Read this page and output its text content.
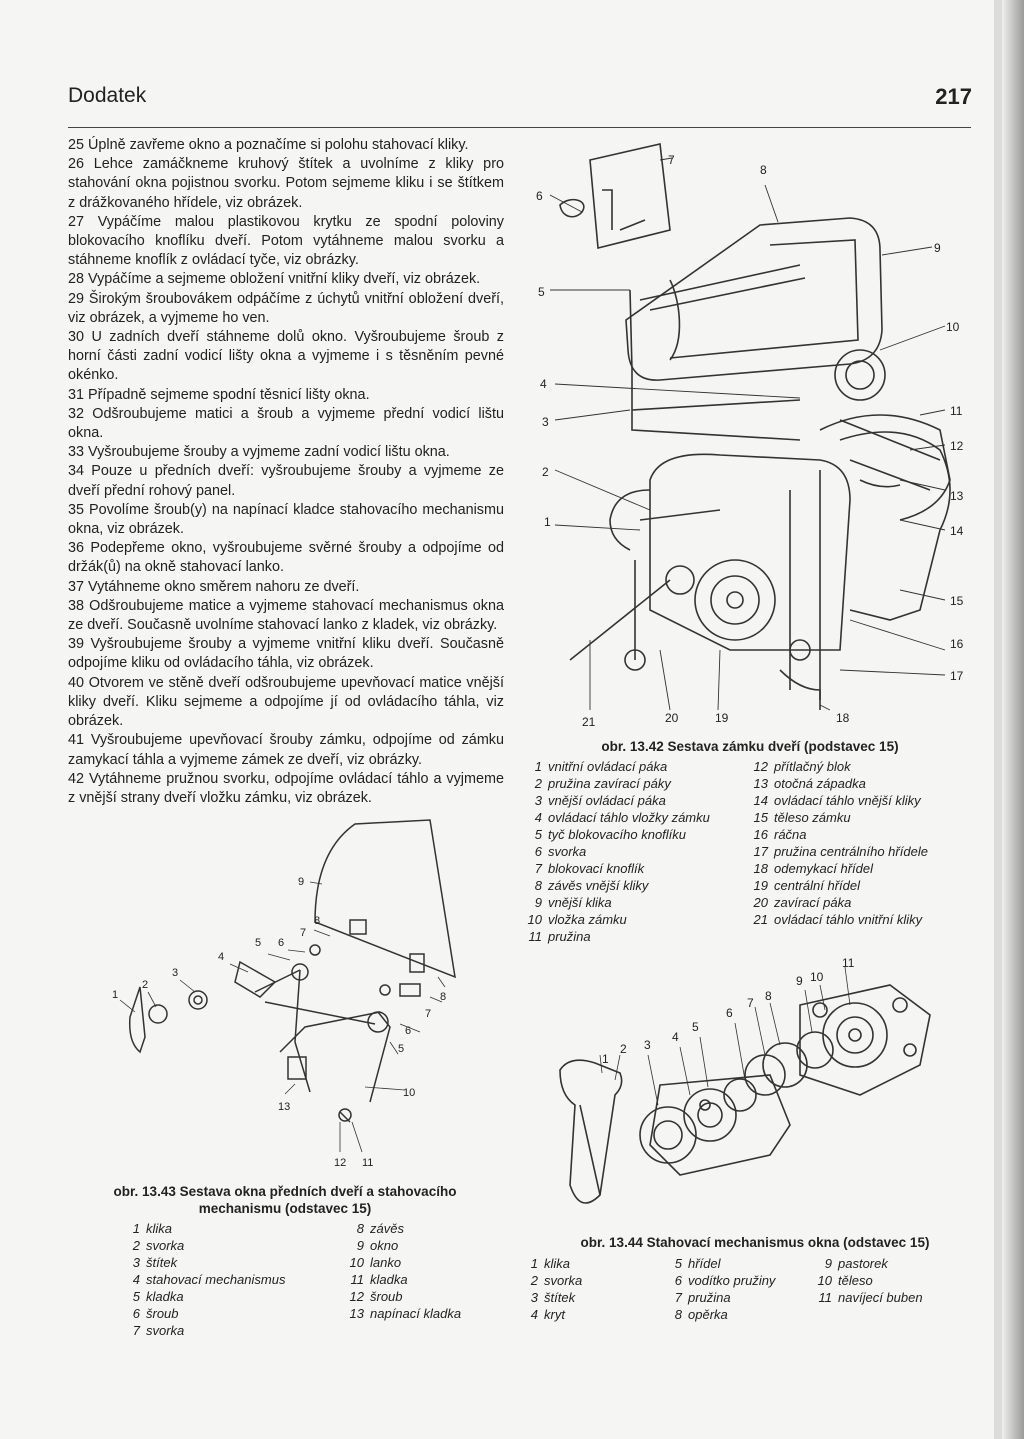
Dodatek	217

25 Úplně zavřeme okno a poznačíme si polohu stahovací kliky.

26 Lehce zamáčkneme kruhový štítek a uvolníme z kliky pro stahování okna pojistnou svorku. Potom sejmeme kliku i se štítkem z drážkovaného hřídele, viz obrázek.

27 Vypáčíme malou plastikovou krytku ze spodní poloviny blokovacího knoflíku dveří. Potom vytáhneme malou svorku a stáhneme knoflík z ovládací tyče, viz obrázky.

28 Vypáčíme a sejmeme obložení vnitřní kliky dveří, viz obrázek.

29 Širokým šroubovákem odpáčíme z úchytů vnitřní obložení dveří, viz obrázek, a vyjmeme ho ven.

30 U zadních dveří stáhneme dolů okno. Vyšroubujeme šroub z horní části zadní vodicí lišty okna a vyjmeme i s těsněním pevné okénko.

31 Případně sejmeme spodní těsnicí lišty okna.

32 Odšroubujeme matici a šroub a vyjmeme přední vodicí lištu okna.

33 Vyšroubujeme šrouby a vyjmeme zadní vodicí lištu okna.

34 Pouze u předních dveří: vyšroubujeme šrouby a vyjmeme ze dveří přední rohový panel.

35 Povolíme šroub(y) na napínací kladce stahovacího mechanismu okna, viz obrázek.

36 Podepřeme okno, vyšroubujeme svěrné šrouby a odpojíme od držák(ů) na okně stahovací lanko.

37 Vytáhneme okno směrem nahoru ze dveří.

38 Odšroubujeme matice a vyjmeme stahovací mechanismus okna ze dveří. Současně uvolníme stahovací lanko z kladek, viz obrázky.

39 Vyšroubujeme šrouby a vyjmeme vnitřní kliku dveří. Současně odpojíme kliku od ovládacího táhla, viz obrázek.

40 Otvorem ve stěně dveří odšroubujeme upevňovací matice vnější kliky dveří. Kliku sejmeme a odpojíme jí od ovládacího táhla, viz obrázek.

41 Vyšroubujeme upevňovací šrouby zámku, odpojíme od zámku zamykací táhla a vyjmeme zámek ze dveří, viz obrázky.

42 Vytáhneme pružnou svorku, odpojíme ovládací táhlo a vyjmeme z vnější strany dveří vložku zámku, viz obrázek.

7
8
9
10
6
5
4
3
2
1
11
12
13
14
15
16
17
18
19
20
21
obr. 13.42 Sestava zámku dveří (podstavec 15)
1 vnitřní ovládací páka
2 pružina zavírací páky
3 vnější ovládací páka
4 ovládací táhlo vložky zámku
5 tyč blokovacího knoflíku
6 svorka
7 blokovací knoflík
8 závěs vnější kliky
9 vnější klika
10 vložka zámku
11 pružina
12 přítlačný blok
13 otočná západka
14 ovládací táhlo vnější kliky
15 těleso zámku
16 ráčna
17 pružina centrálního hřídele
18 odemykací hřídel
19 centrální hřídel
20 zavírací páka
21 ovládací táhlo vnitřní kliky
9
8
7
6
5
4
3
2
1	8
7
6
5
10
13
12 11
obr. 13.43 Sestava okna předních dveří a stahovacího
mechanismu (odstavec 15)
1 klika
2 svorka
3 štítek
4 stahovací mechanismus
5 kladka
6 šroub
7 svorka
8 závěs
9 okno
10 lanko
11 kladka
12 šroub
13 napínací kladka
1
2 3
4
5
6
7 8
9 10
11
obr. 13.44 Stahovací mechanismus okna (odstavec 15)
1 klika
2 svorka
3 štítek
4 kryt
5 hřídel
6 vodítko pružiny
7 pružina
8 opěrka
9 pastorek
10 těleso
11 navíjecí buben
